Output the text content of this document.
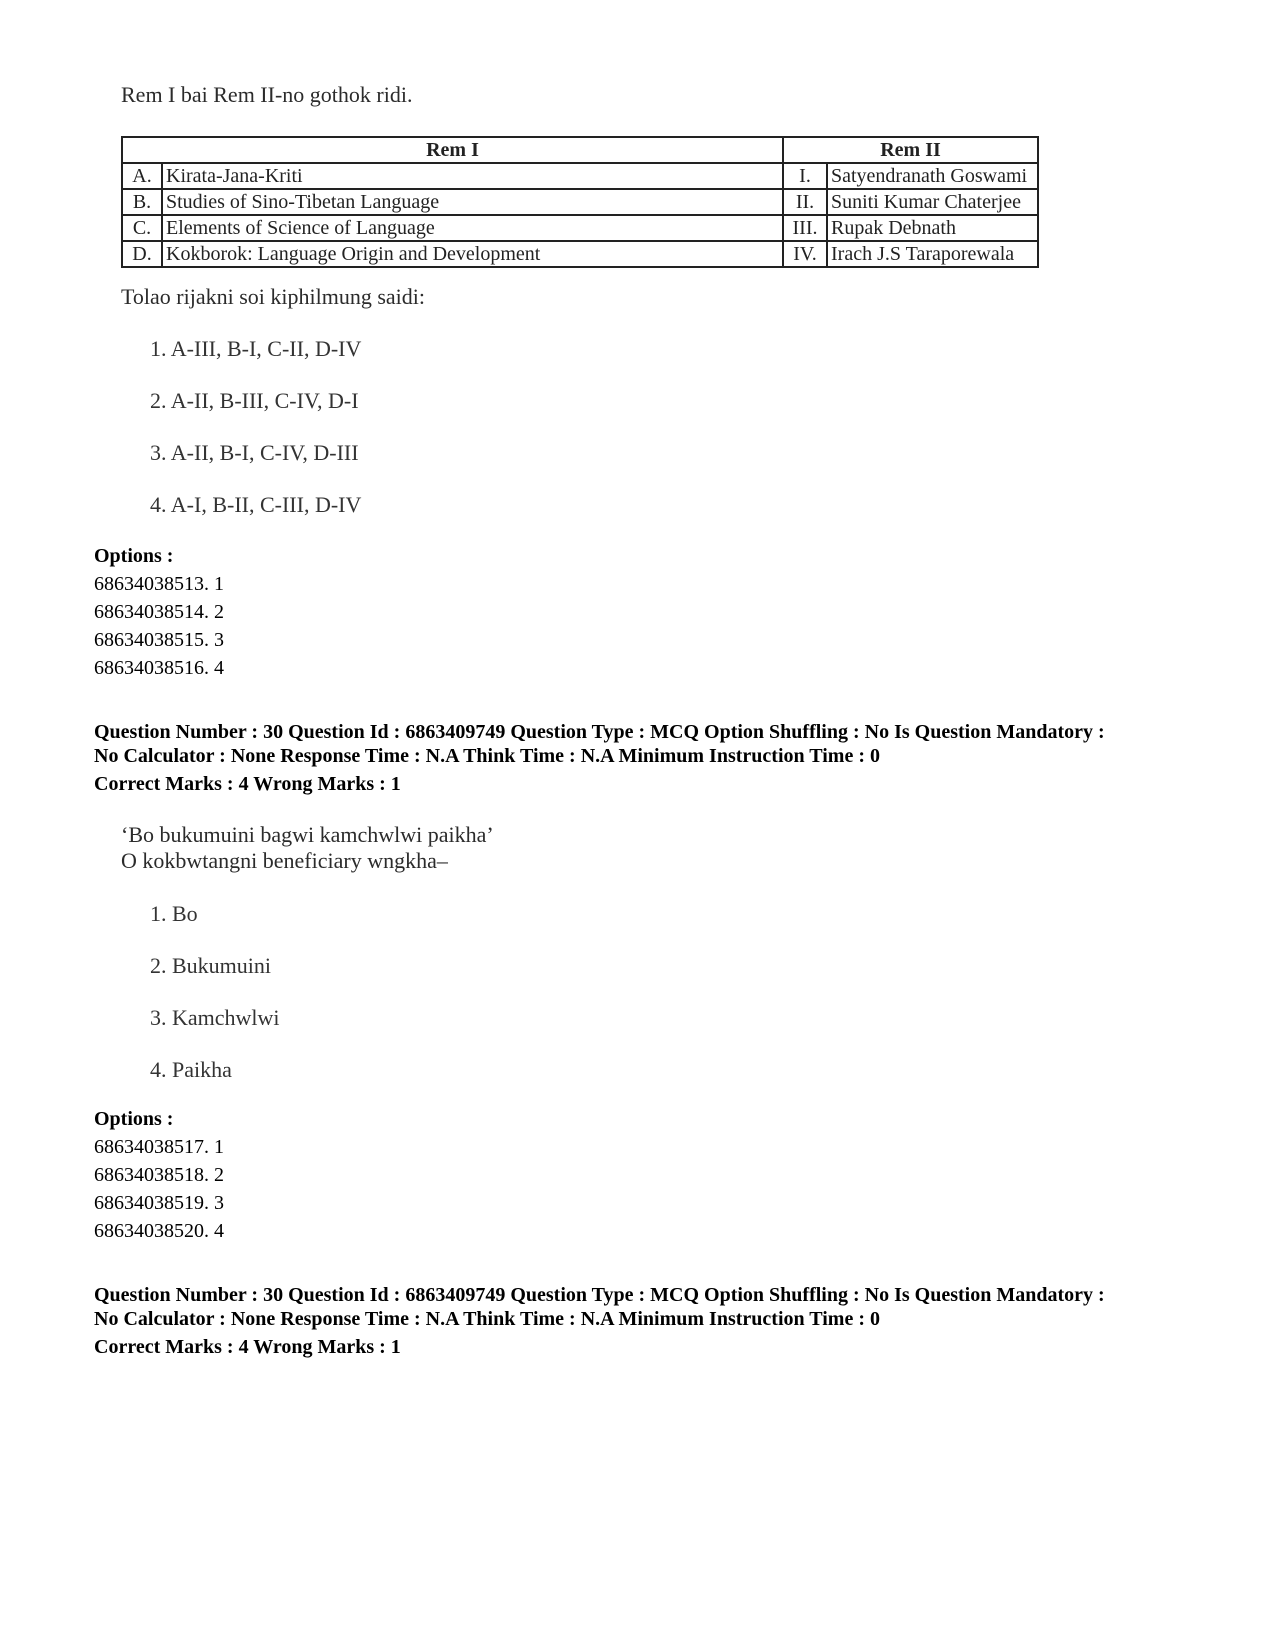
Rem I bai Rem II-no gothok ridi.
Rem I		Rem II	
A.	Kirata-Jana-Kriti	I.	Satyendranath Goswami
B.	Studies of Sino-Tibetan Language	II.	Suniti Kumar Chaterjee
C.	Elements of Science of Language	III.	Rupak Debnath
D.	Kokborok: Language Origin and Development	IV.	Irach J.S Taraporewala
Tolao rijakni soi kiphilmung saidi:
1. A-III, B-I, C-II, D-IV
2. A-II, B-III, C-IV, D-I
3. A-II, B-I, C-IV, D-III
4. A-I, B-II, C-III, D-IV
Options :
68634038513. 1
68634038514. 2
68634038515. 3
68634038516. 4
Question Number : 30 Question Id : 6863409749 Question Type : MCQ Option Shuffling : No Is Question Mandatory :
No Calculator : None Response Time : N.A Think Time : N.A Minimum Instruction Time : 0
Correct Marks : 4 Wrong Marks : 1
‘Bo bukumuini bagwi kamchwlwi paikha’
O kokbwtangni beneficiary wngkha–
1. Bo
2. Bukumuini
3. Kamchwlwi
4. Paikha
Options :
68634038517. 1
68634038518. 2
68634038519. 3
68634038520. 4
Question Number : 30 Question Id : 6863409749 Question Type : MCQ Option Shuffling : No Is Question Mandatory :
No Calculator : None Response Time : N.A Think Time : N.A Minimum Instruction Time : 0
Correct Marks : 4 Wrong Marks : 1
